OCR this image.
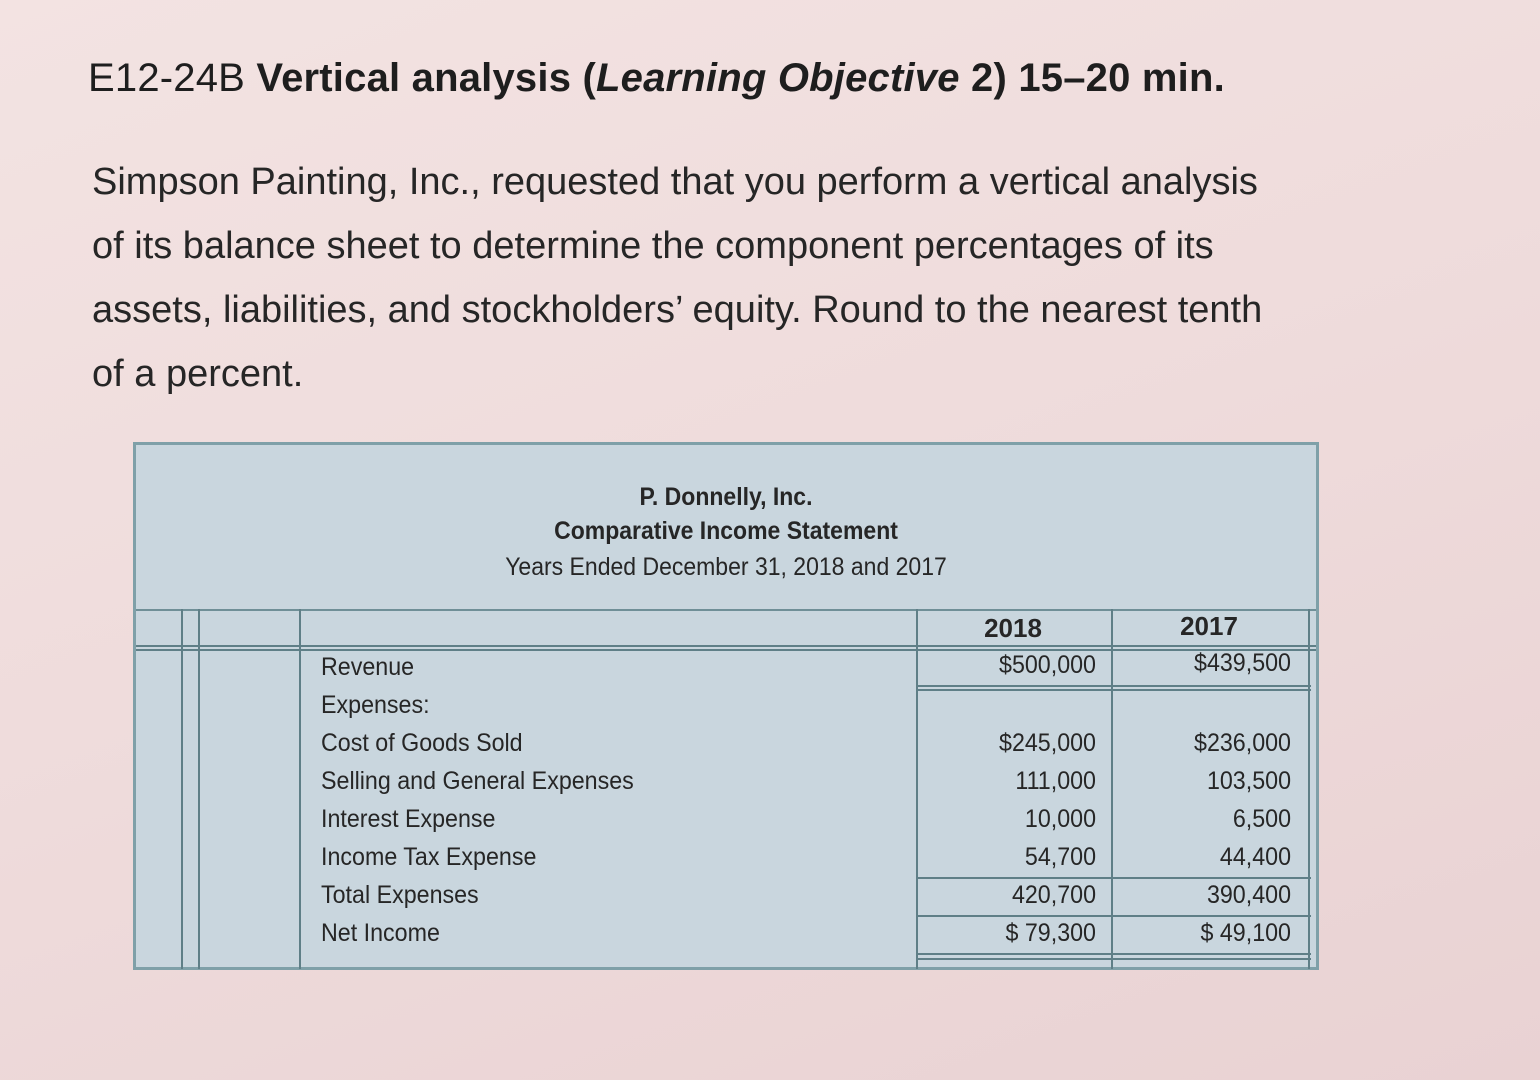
E12-24B Vertical analysis (Learning Objective 2) 15–20 min.
Simpson Painting, Inc., requested that you perform a vertical analysis
of its balance sheet to determine the component percentages of its
assets, liabilities, and stockholders’ equity. Round to the nearest tenth
of a percent.
P. Donnelly, Inc.
Comparative Income Statement
Years Ended December 31, 2018 and 2017
2018	2017
Revenue
Expenses:
Cost of Goods Sold
Selling and General Expenses
Interest Expense
Income Tax Expense
Total Expenses
Net Income
$500,000
$245,000
111,000
10,000
54,700
420,700
$ 79,300
$439,500
$236,000
103,500
6,500
44,400
390,400
$ 49,100
